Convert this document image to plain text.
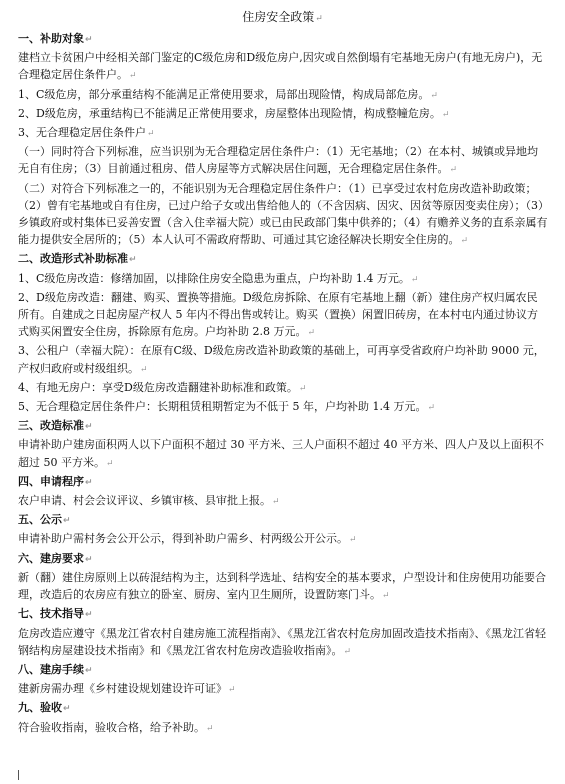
住房安全政策↵

一、补助对象↵

建档立卡贫困户中经相关部门鉴定的C级危房和D级危房户,因灾或自然倒塌有宅基地无房户(有地无房户)，无合理稳定居住条件户。↵

1、C级危房，部分承重结构不能满足正常使用要求，局部出现险情，构成局部危房。↵

2、D级危房，承重结构已不能满足正常使用要求，房屋整体出现险情，构成整幢危房。↵

3、无合理稳定居住条件户↵

（一）同时符合下列标准，应当识别为无合理稳定居住条件户：（1）无宅基地；（2）在本村、城镇或异地均无自有住房；（3）目前通过租房、借人房屋等方式解决居住问题，无合理稳定居住条件。↵

（二）对符合下列标准之一的，不能识别为无合理稳定居住条件户：（1）已享受过农村危房改造补助政策；（2）曾有宅基地或自有住房，已过户给子女或出售给他人的（不含因病、因灾、因贫等原因变卖住房）；（3）乡镇政府或村集体已妥善安置（含入住幸福大院）或已由民政部门集中供养的；（4）有赡养义务的直系亲属有能力提供安全居所的；（5）本人认可不需政府帮助、可通过其它途径解决长期安全住房的。↵

二、改造形式补助标准↵

1、C级危房改造：修缮加固，以排除住房安全隐患为重点，户均补助 1.4 万元。↵

2、D级危房改造：翻建、购买、置换等措施。D级危房拆除、在原有宅基地上翻（新）建住房产权归属农民所有。自建成之日起房屋产权人 5 年内不得出售或转让。购买（置换）闲置旧砖房，在本村屯内通过协议方式购买闲置安全住房，拆除原有危房。户均补助 2.8 万元。↵

3、公租户（幸福大院）：在原有C级、D级危房改造补助政策的基础上，可再享受省政府户均补助 9000 元，产权归政府或村级组织。↵

4、有地无房户：享受D级危房改造翻建补助标准和政策。↵

5、无合理稳定居住条件户：长期租赁租期暂定为不低于 5 年，户均补助 1.4 万元。↵

三、改造标准↵

申请补助户建房面积两人以下户面积不超过 30 平方米、三人户面积不超过 40 平方米、四人户及以上面积不超过 50 平方米。↵

四、申请程序↵

农户申请、村会会议评议、乡镇审核、县审批上报。↵

五、公示↵

申请补助户需村务会公开公示，得到补助户需乡、村两级公开公示。↵

六、建房要求↵

新（翻）建住房原则上以砖混结构为主，达到科学选址、结构安全的基本要求，户型设计和住房使用功能要合理，改造后的农房应有独立的卧室、厨房、室内卫生厕所，设置防寒门斗。↵

七、技术指导↵

危房改造应遵守《黑龙江省农村自建房施工流程指南》、《黑龙江省农村危房加固改造技术指南》、《黑龙江省轻钢结构房屋建设技术指南》和《黑龙江省农村危房改造验收指南》。↵

八、建房手续↵

建新房需办理《乡村建设规划建设许可证》↵

九、验收↵

符合验收指南，验收合格，给予补助。↵
